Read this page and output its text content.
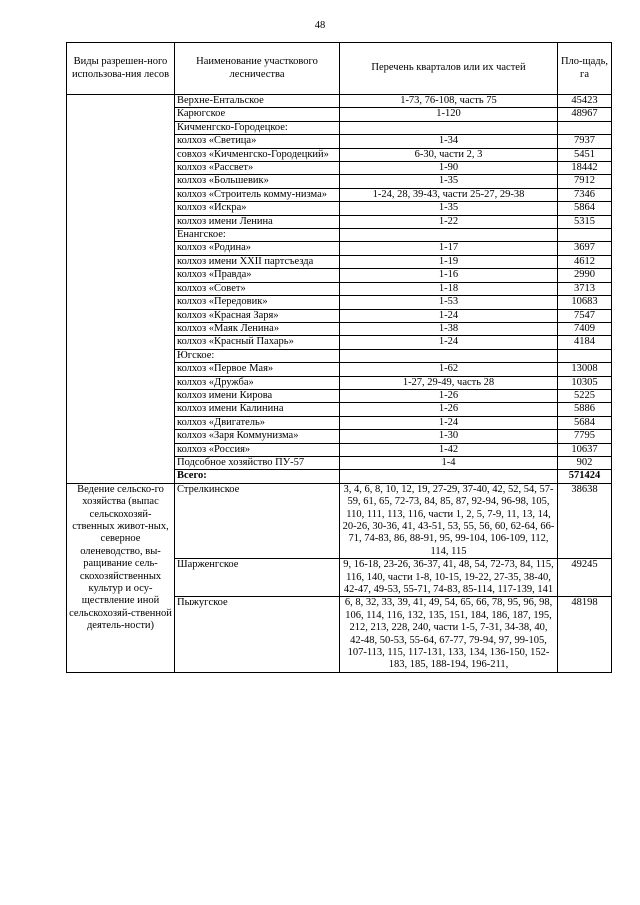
48
Виды разрешен-ного использова-ния лесов	Наименование участкового лесничества	Перечень кварталов или их частей	Пло-щадь, га
	Верхне-Ентальское	1-73, 76-108, часть 75	45423
	Карюгское	1-120	48967
	Кичменгско-Городецкое:		
	колхоз «Светица»	1-34	7937
	совхоз «Кичменгско-Городецкий»	6-30, части 2, 3	5451
	колхоз «Рассвет»	1-90	18442
	колхоз «Большевик»	1-35	7912
	колхоз «Строитель комму-низма»	1-24, 28, 39-43, части 25-27, 29-38	7346
	колхоз «Искра»	1-35	5864
	колхоз имени Ленина	1-22	5315
	Енангское:		
	колхоз «Родина»	1-17	3697
	колхоз имени XXII партсъезда	1-19	4612
	колхоз «Правда»	1-16	2990
	колхоз «Совет»	1-18	3713
	колхоз «Передовик»	1-53	10683
	колхоз «Красная Заря»	1-24	7547
	колхоз «Маяк Ленина»	1-38	7409
	колхоз «Красный Пахарь»	1-24	4184
	Югское:		
	колхоз «Первое Мая»	1-62	13008
	колхоз «Дружба»	1-27, 29-49, часть 28	10305
	колхоз имени Кирова	1-26	5225
	колхоз имени Калинина	1-26	5886
	колхоз «Двигатель»	1-24	5684
	колхоз «Заря Коммунизма»	1-30	7795
	колхоз «Россия»	1-42	10637
	Подсобное хозяйство ПУ-57	1-4	902
	Всего:		571424
Ведение сельско-го хозяйства (выпас сельскохозяй-ственных живот-ных, северное оленеводство, вы-ращивание сель-скохозяйственных культур и осу-ществление иной сельскохозяй-ственной деятель-ности)	Стрелкинское	3, 4, 6, 8, 10, 12, 19, 27-29, 37-40, 42, 52, 54, 57-59, 61, 65, 72-73, 84, 85, 87, 92-94, 96-98, 105, 110, 111, 113, 116, части 1, 2, 5, 7-9, 11, 13, 14, 20-26, 30-36, 41, 43-51, 53, 55, 56, 60, 62-64, 66-71, 74-83, 86, 88-91, 95, 99-104, 106-109, 112, 114, 115	38638
	Шарженгское	9, 16-18, 23-26, 36-37, 41, 48, 54, 72-73, 84, 115, 116, 140, части 1-8, 10-15, 19-22, 27-35, 38-40, 42-47, 49-53, 55-71, 74-83, 85-114, 117-139, 141	49245
	Пыжугское	6, 8, 32, 33, 39, 41, 49, 54, 65, 66, 78, 95, 96, 98, 106, 114, 116, 132, 135, 151, 184, 186, 187, 195, 212, 213, 228, 240, части 1-5, 7-31, 34-38, 40, 42-48, 50-53, 55-64, 67-77, 79-94, 97, 99-105, 107-113, 115, 117-131, 133, 134, 136-150, 152-183, 185, 188-194, 196-211,	48198
